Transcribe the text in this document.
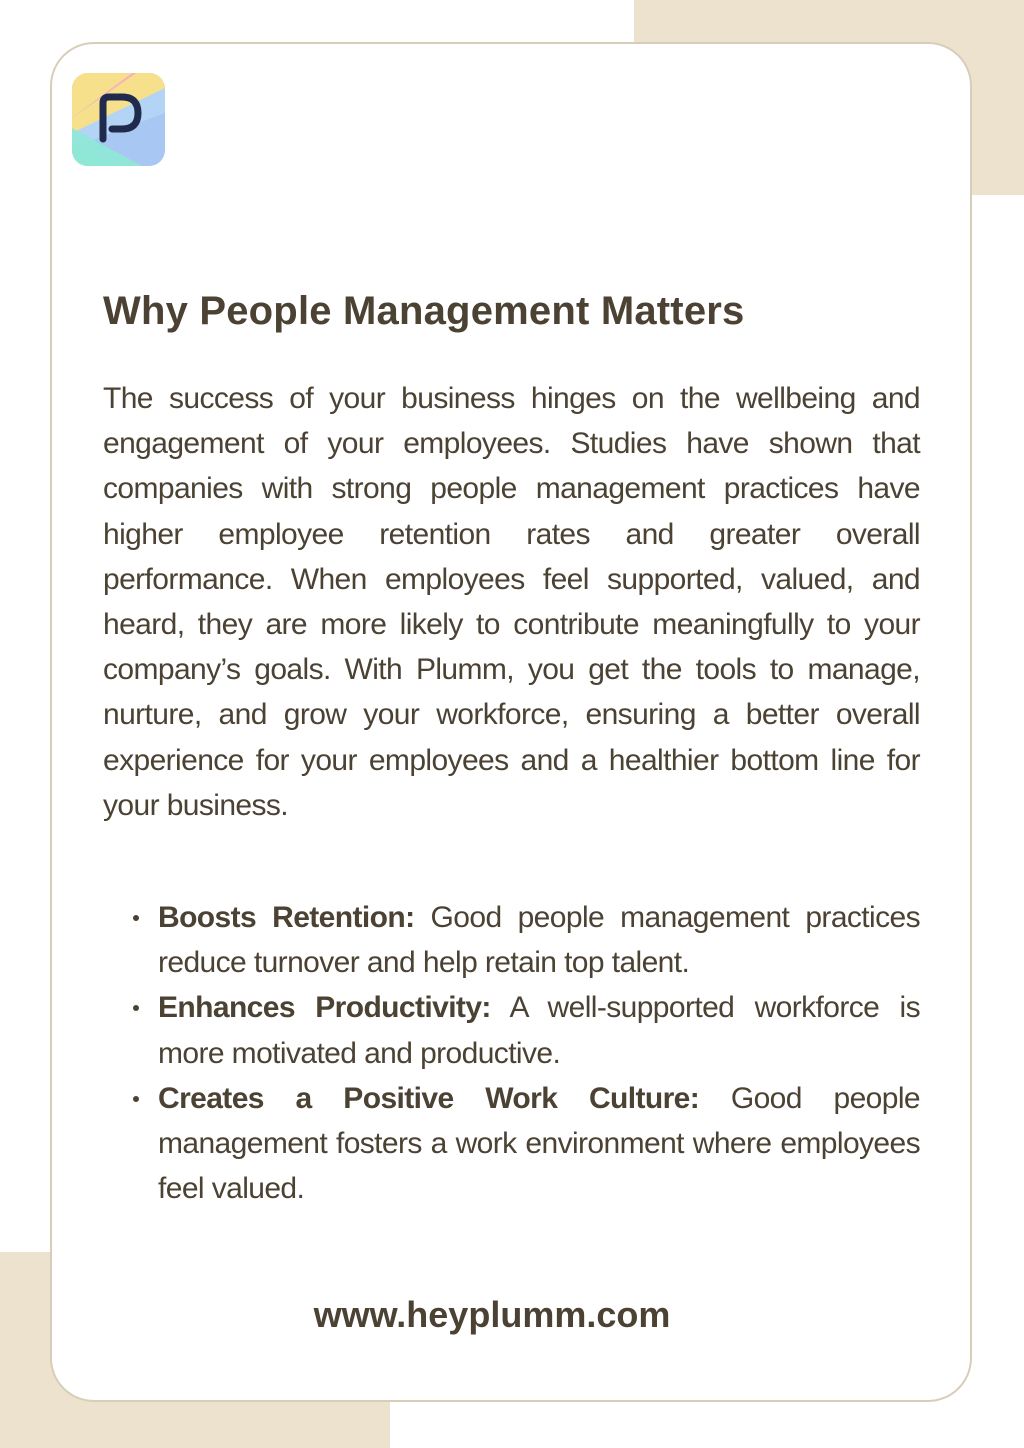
Why People Management Matters

The success of your business hinges on the wellbeing and engagement of your employees. Studies have shown that companies with strong people management practices have higher employee retention rates and greater overall performance. When employees feel supported, valued, and heard, they are more likely to contribute meaningfully to your company’s goals. With Plumm, you get the tools to manage, nurture, and grow your workforce, ensuring a better overall experience for your employees and a healthier bottom line for your business.

Boosts Retention: Good people management practices reduce turnover and help retain top talent.
Enhances Productivity: A well-supported workforce is more motivated and productive.
Creates a Positive Work Culture: Good people management fosters a work environment where employees feel valued.

www.heyplumm.com
